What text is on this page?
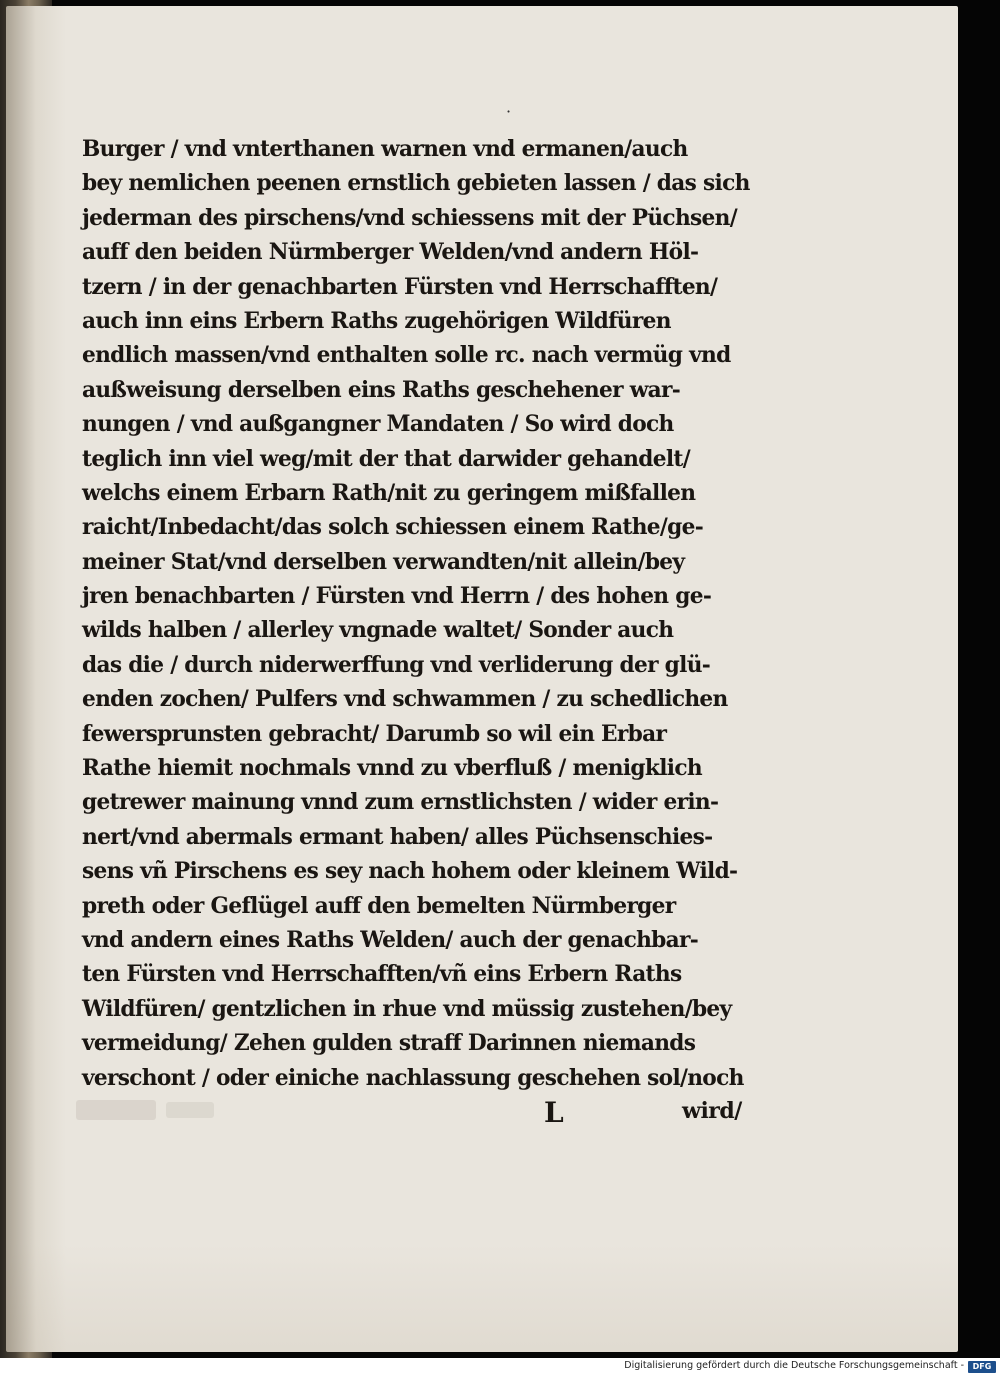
·
Burger / vnd vnterthanen warnen vnd ermanen/auch
bey nemlichen peenen ernstlich gebieten lassen / das sich
jederman des pirschens/vnd schiessens mit der Püchsen/
auff den beiden Nürmberger Welden/vnd andern Höl-
tzern / in der genachbarten Fürsten vnd Herrschafften/
auch inn eins Erbern Raths zugehörigen Wildfüren
endlich massen/vnd enthalten solle rc. nach vermüg vnd
außweisung derselben eins Raths geschehener war-
nungen / vnd außgangner Mandaten / So wird doch
teglich inn viel weg/mit der that darwider gehandelt/
welchs einem Erbarn Rath/nit zu geringem mißfallen
raicht/Inbedacht/das solch schiessen einem Rathe/ge-
meiner Stat/vnd derselben verwandten/nit allein/bey
jren benachbarten / Fürsten vnd Herrn / des hohen ge-
wilds halben / allerley vngnade waltet/ Sonder auch
das die / durch niderwerffung vnd verliderung der glü-
enden zochen/ Pulfers vnd schwammen / zu schedlichen
fewersprunsten gebracht/ Darumb so wil ein Erbar
Rathe hiemit nochmals vnnd zu vberfluß / menigklich
getrewer mainung vnnd zum ernstlichsten / wider erin-
nert/vnd abermals ermant haben/ alles Püchsenschies-
sens vñ Pirschens es sey nach hohem oder kleinem Wild-
preth oder Geflügel auff den bemelten Nürmberger
vnd andern eines Raths Welden/ auch der genachbar-
ten Fürsten vnd Herrschafften/vñ eins Erbern Raths
Wildfüren/ gentzlichen in rhue vnd müssig zustehen/bey
vermeidung/ Zehen gulden straff Darinnen niemands
verschont / oder einiche nachlassung geschehen sol/noch
L	wird/
Digitalisierung gefördert durch die Deutsche Forschungsgemeinschaft -	DFG
